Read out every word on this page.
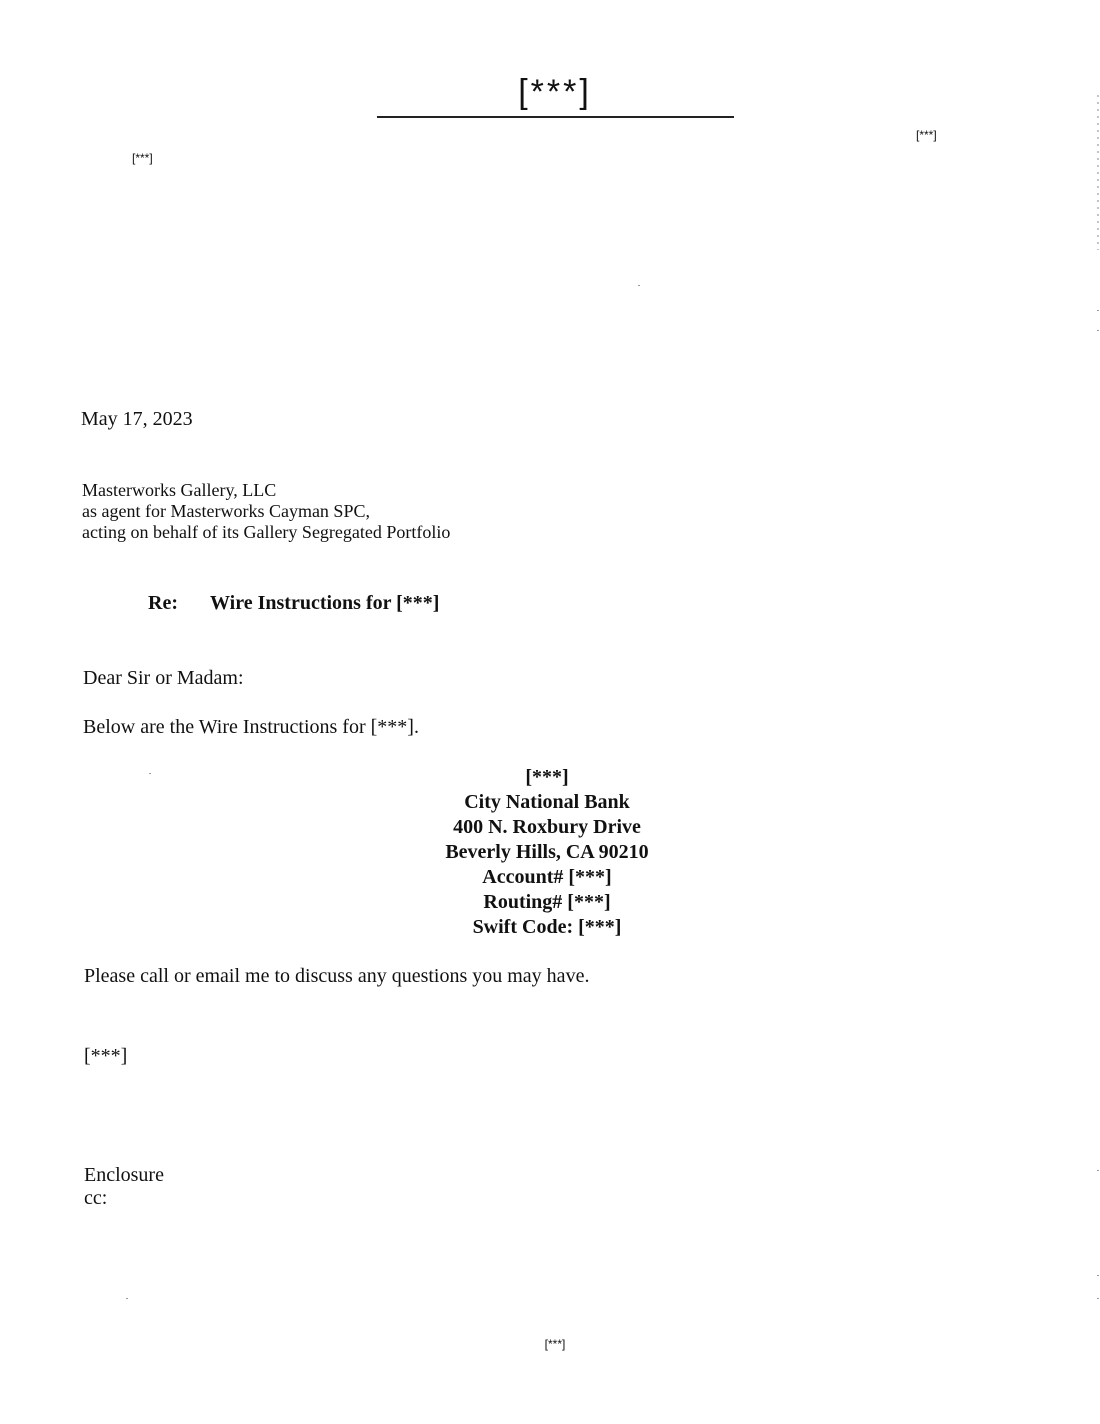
[***]
[***]
[***]
May 17, 2023
Masterworks Gallery, LLC
as agent for Masterworks Cayman SPC,
acting on behalf of its Gallery Segregated Portfolio
Re: Wire Instructions for [***]
Dear Sir or Madam:
Below are the Wire Instructions for [***].
[***]
City National Bank
400 N. Roxbury Drive
Beverly Hills, CA 90210
Account# [***]
Routing# [***]
Swift Code: [***]
Please call or email me to discuss any questions you may have.
[***]
Enclosure
cc:
[***]
